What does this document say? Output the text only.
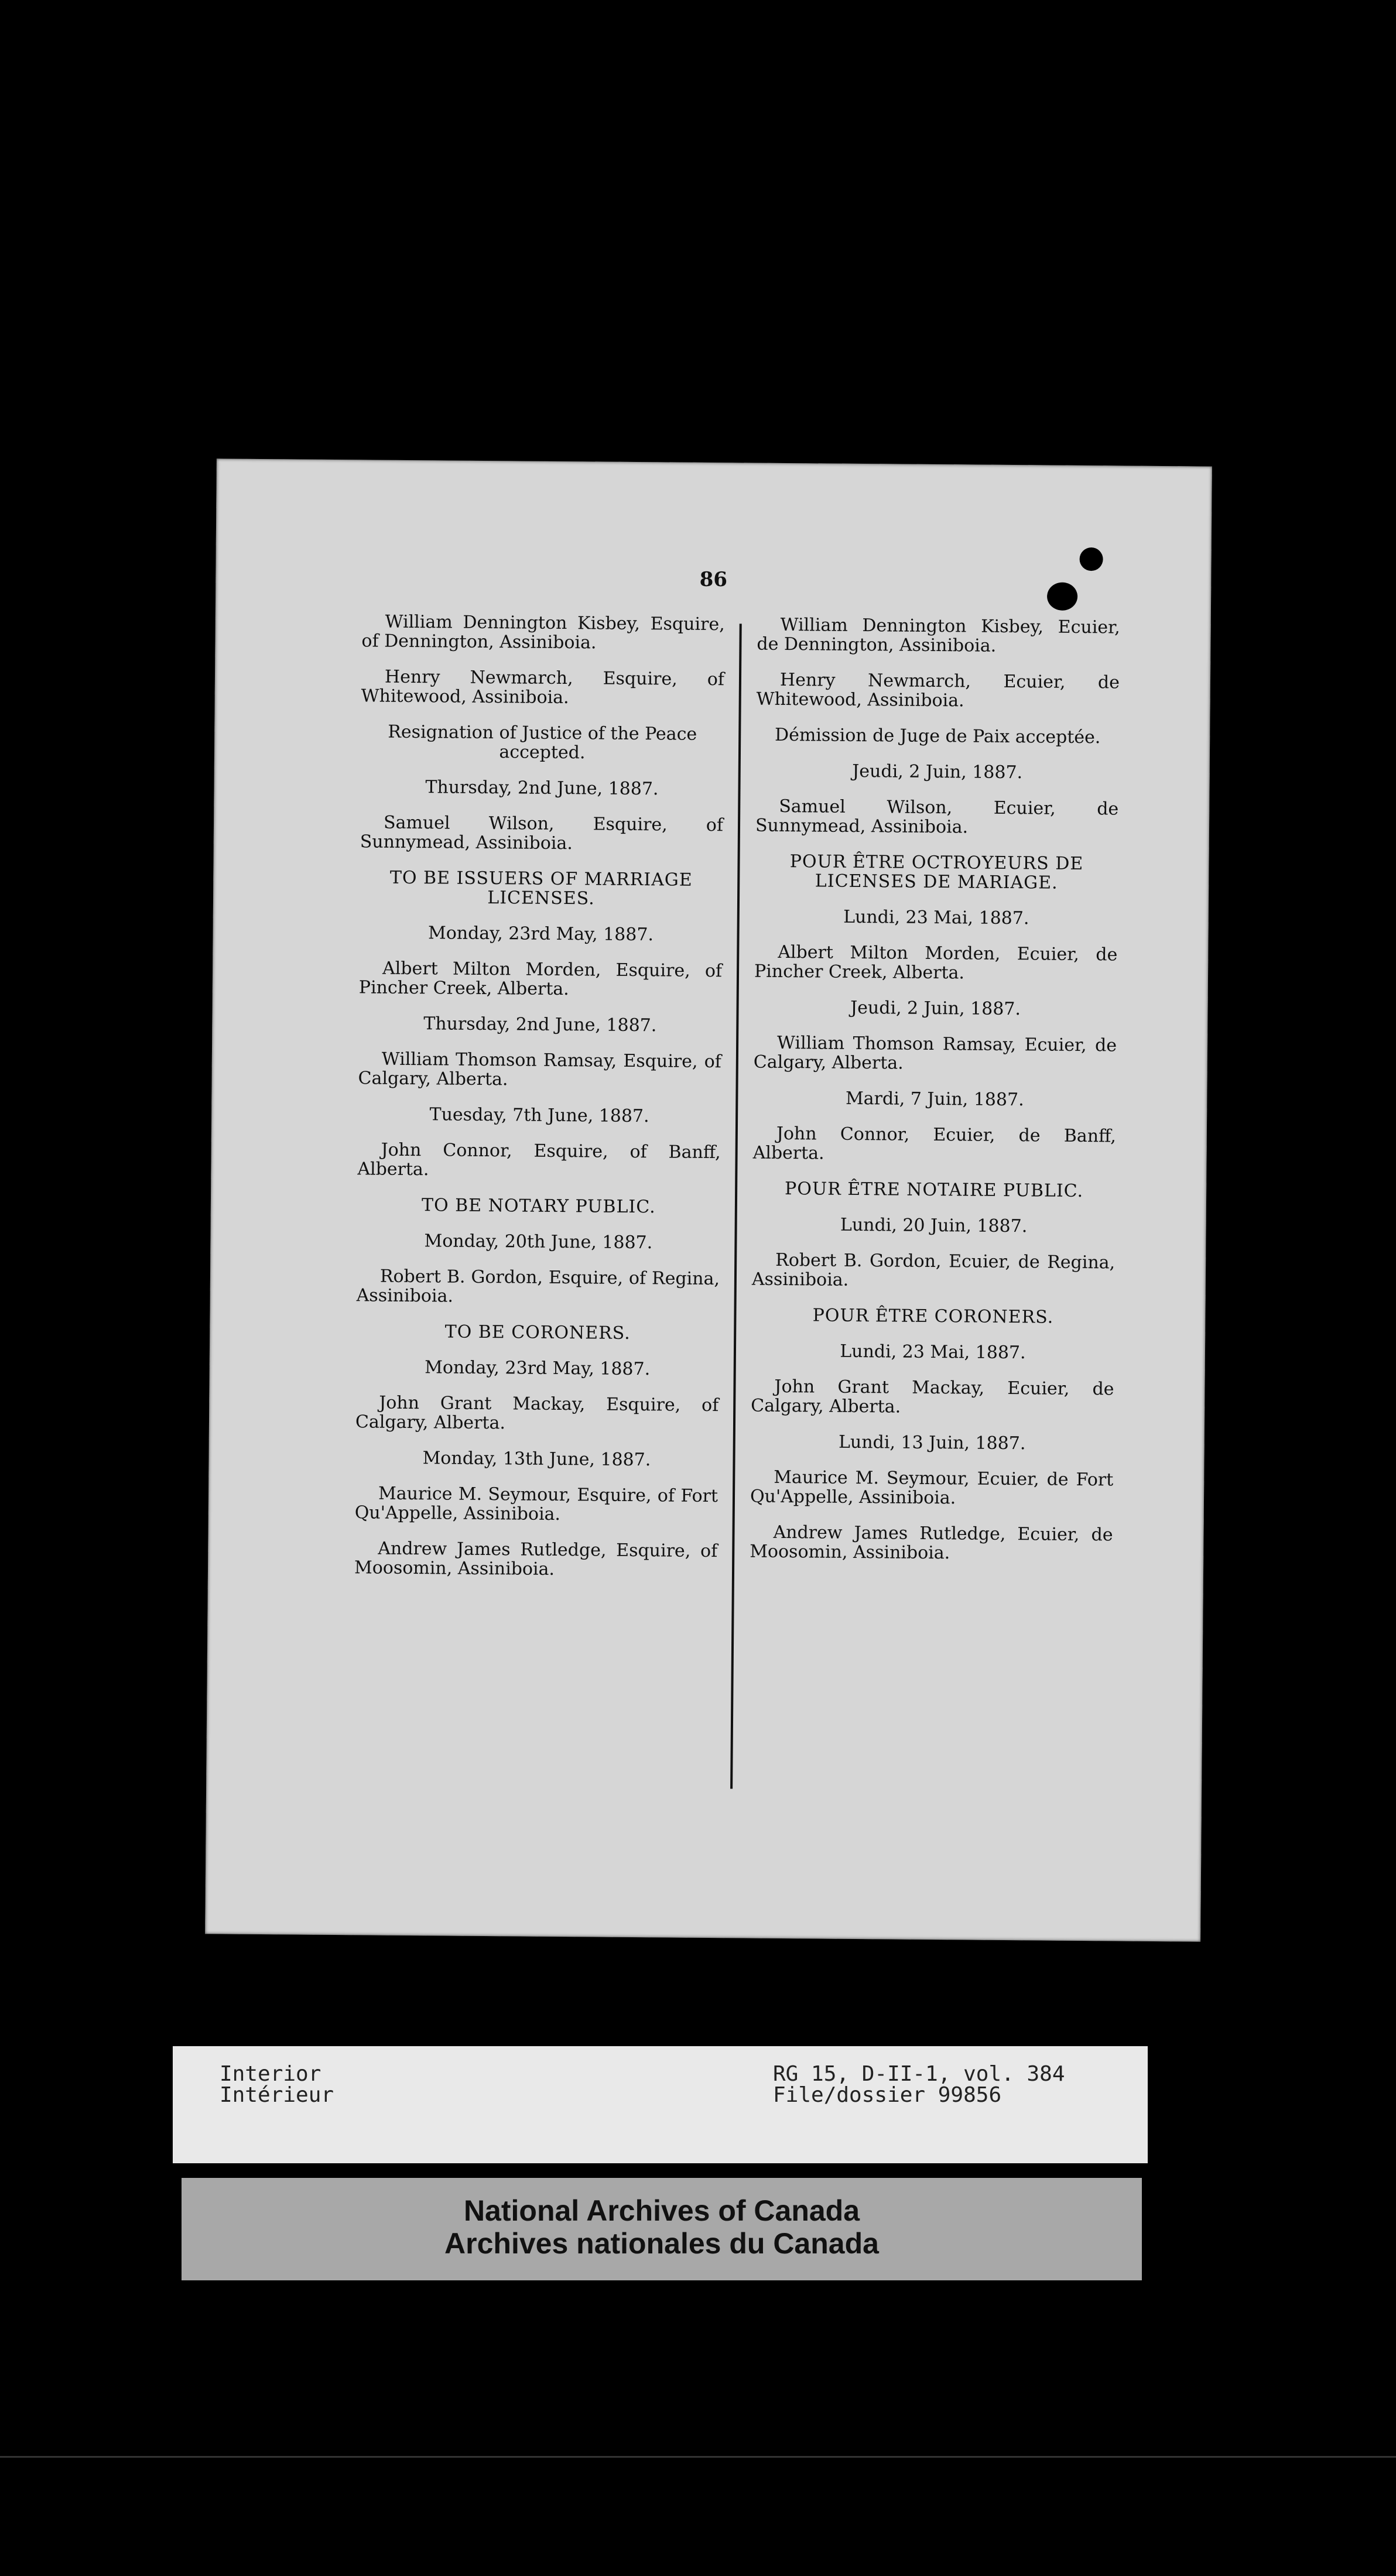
86

William Dennington Kisbey, Esquire, of Dennington, Assiniboia.

Henry Newmarch, Esquire, of Whitewood, Assiniboia.

Resignation of Justice of the Peace accepted.

Thursday, 2nd June, 1887.

Samuel Wilson, Esquire, of Sunnymead, Assiniboia.

TO BE ISSUERS OF MARRIAGE LICENSES.

Monday, 23rd May, 1887.

Albert Milton Morden, Esquire, of Pincher Creek, Alberta.

Thursday, 2nd June, 1887.

William Thomson Ramsay, Esquire, of Calgary, Alberta.

Tuesday, 7th June, 1887.

John Connor, Esquire, of Banff, Alberta.

TO BE NOTARY PUBLIC.

Monday, 20th June, 1887.

Robert B. Gordon, Esquire, of Regina, Assiniboia.

TO BE CORONERS.

Monday, 23rd May, 1887.

John Grant Mackay, Esquire, of Calgary, Alberta.

Monday, 13th June, 1887.

Maurice M. Seymour, Esquire, of Fort Qu'Appelle, Assiniboia.

Andrew James Rutledge, Esquire, of Moosomin, Assiniboia.

William Dennington Kisbey, Ecuier, de Dennington, Assiniboia.

Henry Newmarch, Ecuier, de Whitewood, Assiniboia.

Démission de Juge de Paix acceptée.

Jeudi, 2 Juin, 1887.

Samuel Wilson, Ecuier, de Sunnymead, Assiniboia.

POUR ÊTRE OCTROYEURS DE LICENSES DE MARIAGE.

Lundi, 23 Mai, 1887.

Albert Milton Morden, Ecuier, de Pincher Creek, Alberta.

Jeudi, 2 Juin, 1887.

William Thomson Ramsay, Ecuier, de Calgary, Alberta.

Mardi, 7 Juin, 1887.

John Connor, Ecuier, de Banff, Alberta.

POUR ÊTRE NOTAIRE PUBLIC.

Lundi, 20 Juin, 1887.

Robert B. Gordon, Ecuier, de Regina, Assiniboia.

POUR ÊTRE CORONERS.

Lundi, 23 Mai, 1887.

John Grant Mackay, Ecuier, de Calgary, Alberta.

Lundi, 13 Juin, 1887.

Maurice M. Seymour, Ecuier, de Fort Qu'Appelle, Assiniboia.

Andrew James Rutledge, Ecuier, de Moosomin, Assiniboia.

Interior
Intérieur
RG 15, D-II-1, vol. 384
File/dossier 99856
National Archives of Canada
Archives nationales du Canada
